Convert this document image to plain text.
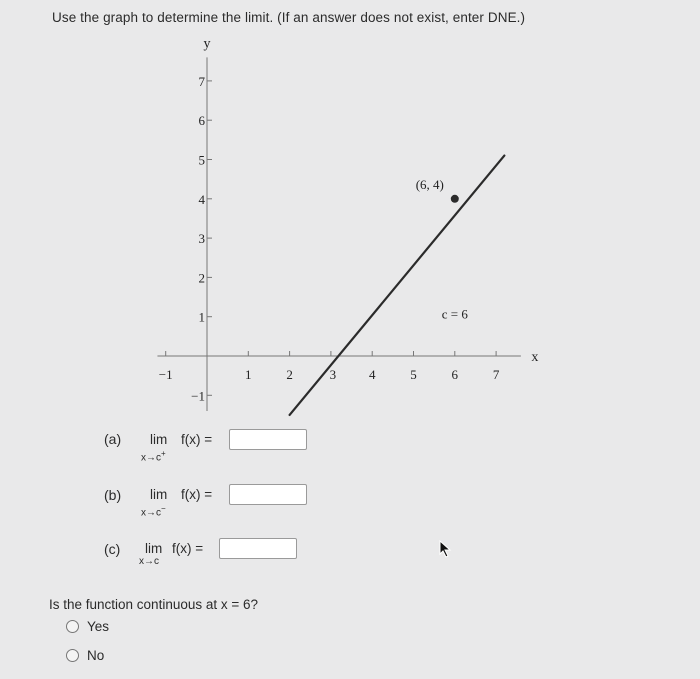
Use the graph to determine the limit. (If an answer does not exist, enter DNE.)
−1	1	2	3	4	5	6	7
−1
1
2
3
4
5
6
7
x
y
(6, 4)
c = 6
(a) lim f(x) =
x→c+
(b) lim f(x) =
x→c−
(c) lim f(x) =
x→c
Is the function continuous at x = 6?
Yes
No
